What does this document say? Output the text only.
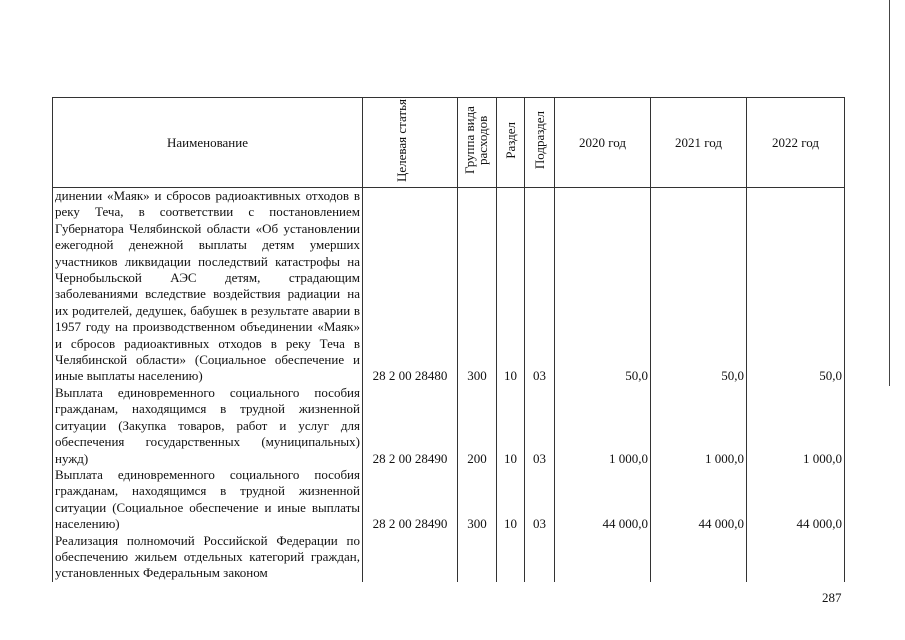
Наименование	Целевая статья	Группа вида расходов	Раздел	Подраздел	2020 год	2021 год	2022 год
динении «Маяк» и сбросов радиоактивных отходов в реку Теча, в соответствии с постановлением Губернатора Челябинской области «Об установлении ежегодной денежной выплаты детям умерших участников ликвидации последствий катастрофы на Чернобыльской АЭС детям, страдающим заболеваниями вследствие воздействия радиации на их родителей, дедушек, бабушек в результате аварии в 1957 году на производственном объединении «Маяк» и сбросов радиоактивных отходов в реку Теча в Челябинской области» (Социальное обеспечение и иные выплаты населению)	28 2 00 28480	300	10	03	50,0	50,0	50,0
Выплата единовременного социального пособия гражданам, находящимся в трудной жизненной ситуации (Закупка товаров, работ и услуг для обеспечения государственных (муниципальных) нужд)	28 2 00 28490	200	10	03	1 000,0	1 000,0	1 000,0
Выплата единовременного социального пособия гражданам, находящимся в трудной жизненной ситуации (Социальное обеспечение и иные выплаты населению)	28 2 00 28490	300	10	03	44 000,0	44 000,0	44 000,0
Реализация полномочий Российской Федерации по обеспечению жильем отдельных категорий граждан, установленных Федеральным законом							
287
